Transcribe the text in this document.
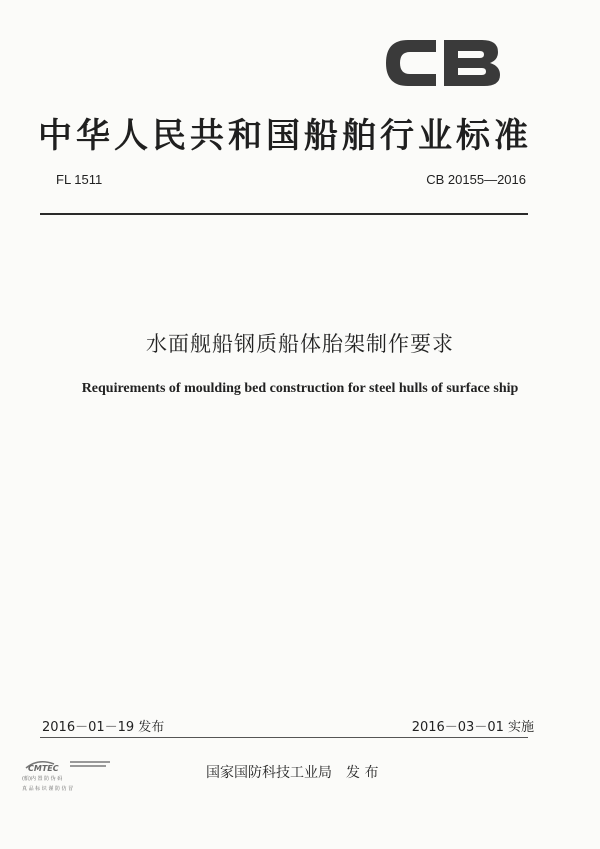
中华人民共和国船舶行业标准
FL 1511	CB 20155—2016
水面舰船钢质船体胎架制作要求
Requirements of moulding bed construction for steel hulls of surface ship
2016－01－19 发布	2016－03－01 实施
CMTEC
(船)内 置 防 伪 码
真 品 标 识 谨 防 仿 冒
国家国防科技工业局 发 布
